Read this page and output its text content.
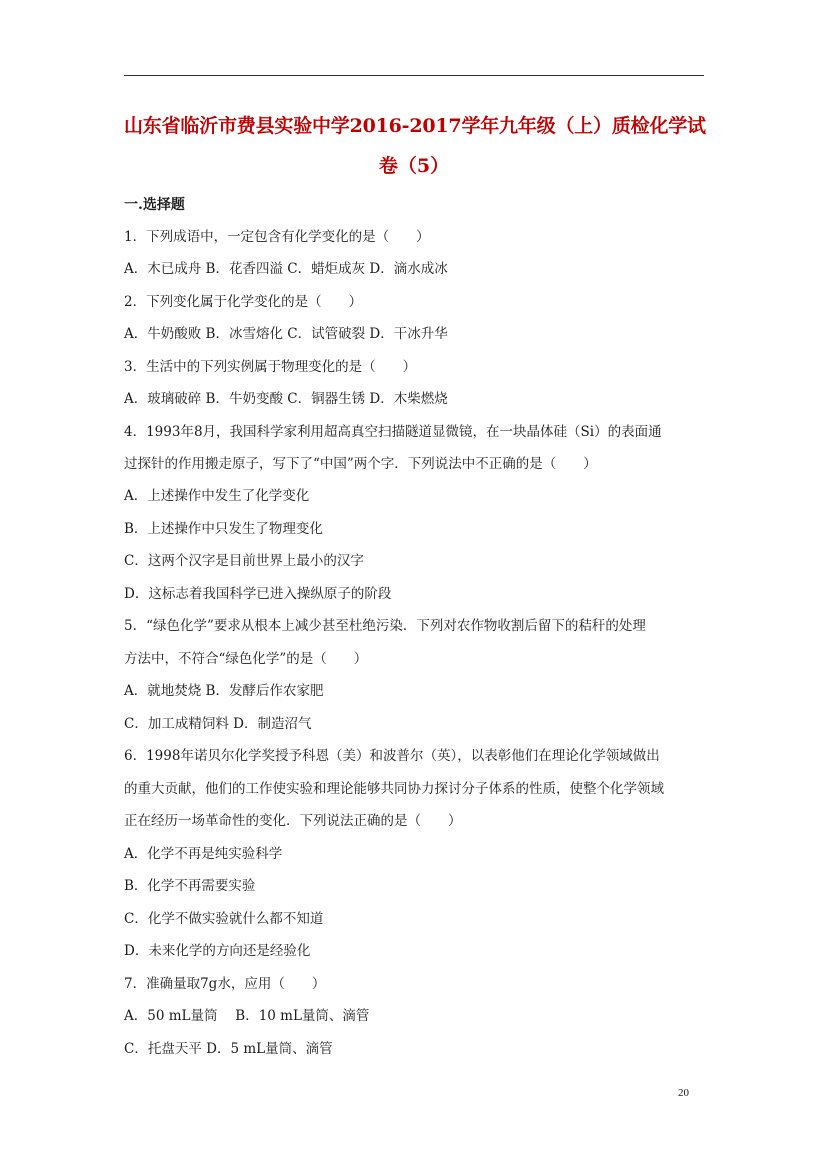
山东省临沂市费县实验中学2016-2017学年九年级（上）质检化学试
卷（5）
一.选择题
1．下列成语中，一定包含有化学变化的是（　　）
A．木已成舟 B．花香四溢 C．蜡炬成灰 D．滴水成冰
2．下列变化属于化学变化的是（　　）
A．牛奶酸败 B．冰雪熔化 C．试管破裂 D．干冰升华
3．生活中的下列实例属于物理变化的是（　　）
A．玻璃破碎 B．牛奶变酸 C．铜器生锈 D．木柴燃烧
4．1993年8月，我国科学家利用超高真空扫描隧道显微镜，在一块晶体硅（Si）的表面通
过探针的作用搬走原子，写下了“中国”两个字．下列说法中不正确的是（　　）
A．上述操作中发生了化学变化
B．上述操作中只发生了物理变化
C．这两个汉字是目前世界上最小的汉字
D．这标志着我国科学已进入操纵原子的阶段
5．“绿色化学”要求从根本上减少甚至杜绝污染．下列对农作物收割后留下的秸秆的处理
方法中，不符合“绿色化学”的是（　　）
A．就地焚烧 B．发酵后作农家肥
C．加工成精饲料 D．制造沼气
6．1998年诺贝尔化学奖授予科恩（美）和波普尔（英），以表彰他们在理论化学领域做出
的重大贡献，他们的工作使实验和理论能够共同协力探讨分子体系的性质，使整个化学领域
正在经历一场革命性的变化．下列说法正确的是（　　）
A．化学不再是纯实验科学
B．化学不再需要实验
C．化学不做实验就什么都不知道
D．未来化学的方向还是经验化
7．准确量取7g水，应用（　　）
A．50 mL量筒　 B．10 mL量筒、滴管
C．托盘天平 D．5 mL量筒、滴管
20
